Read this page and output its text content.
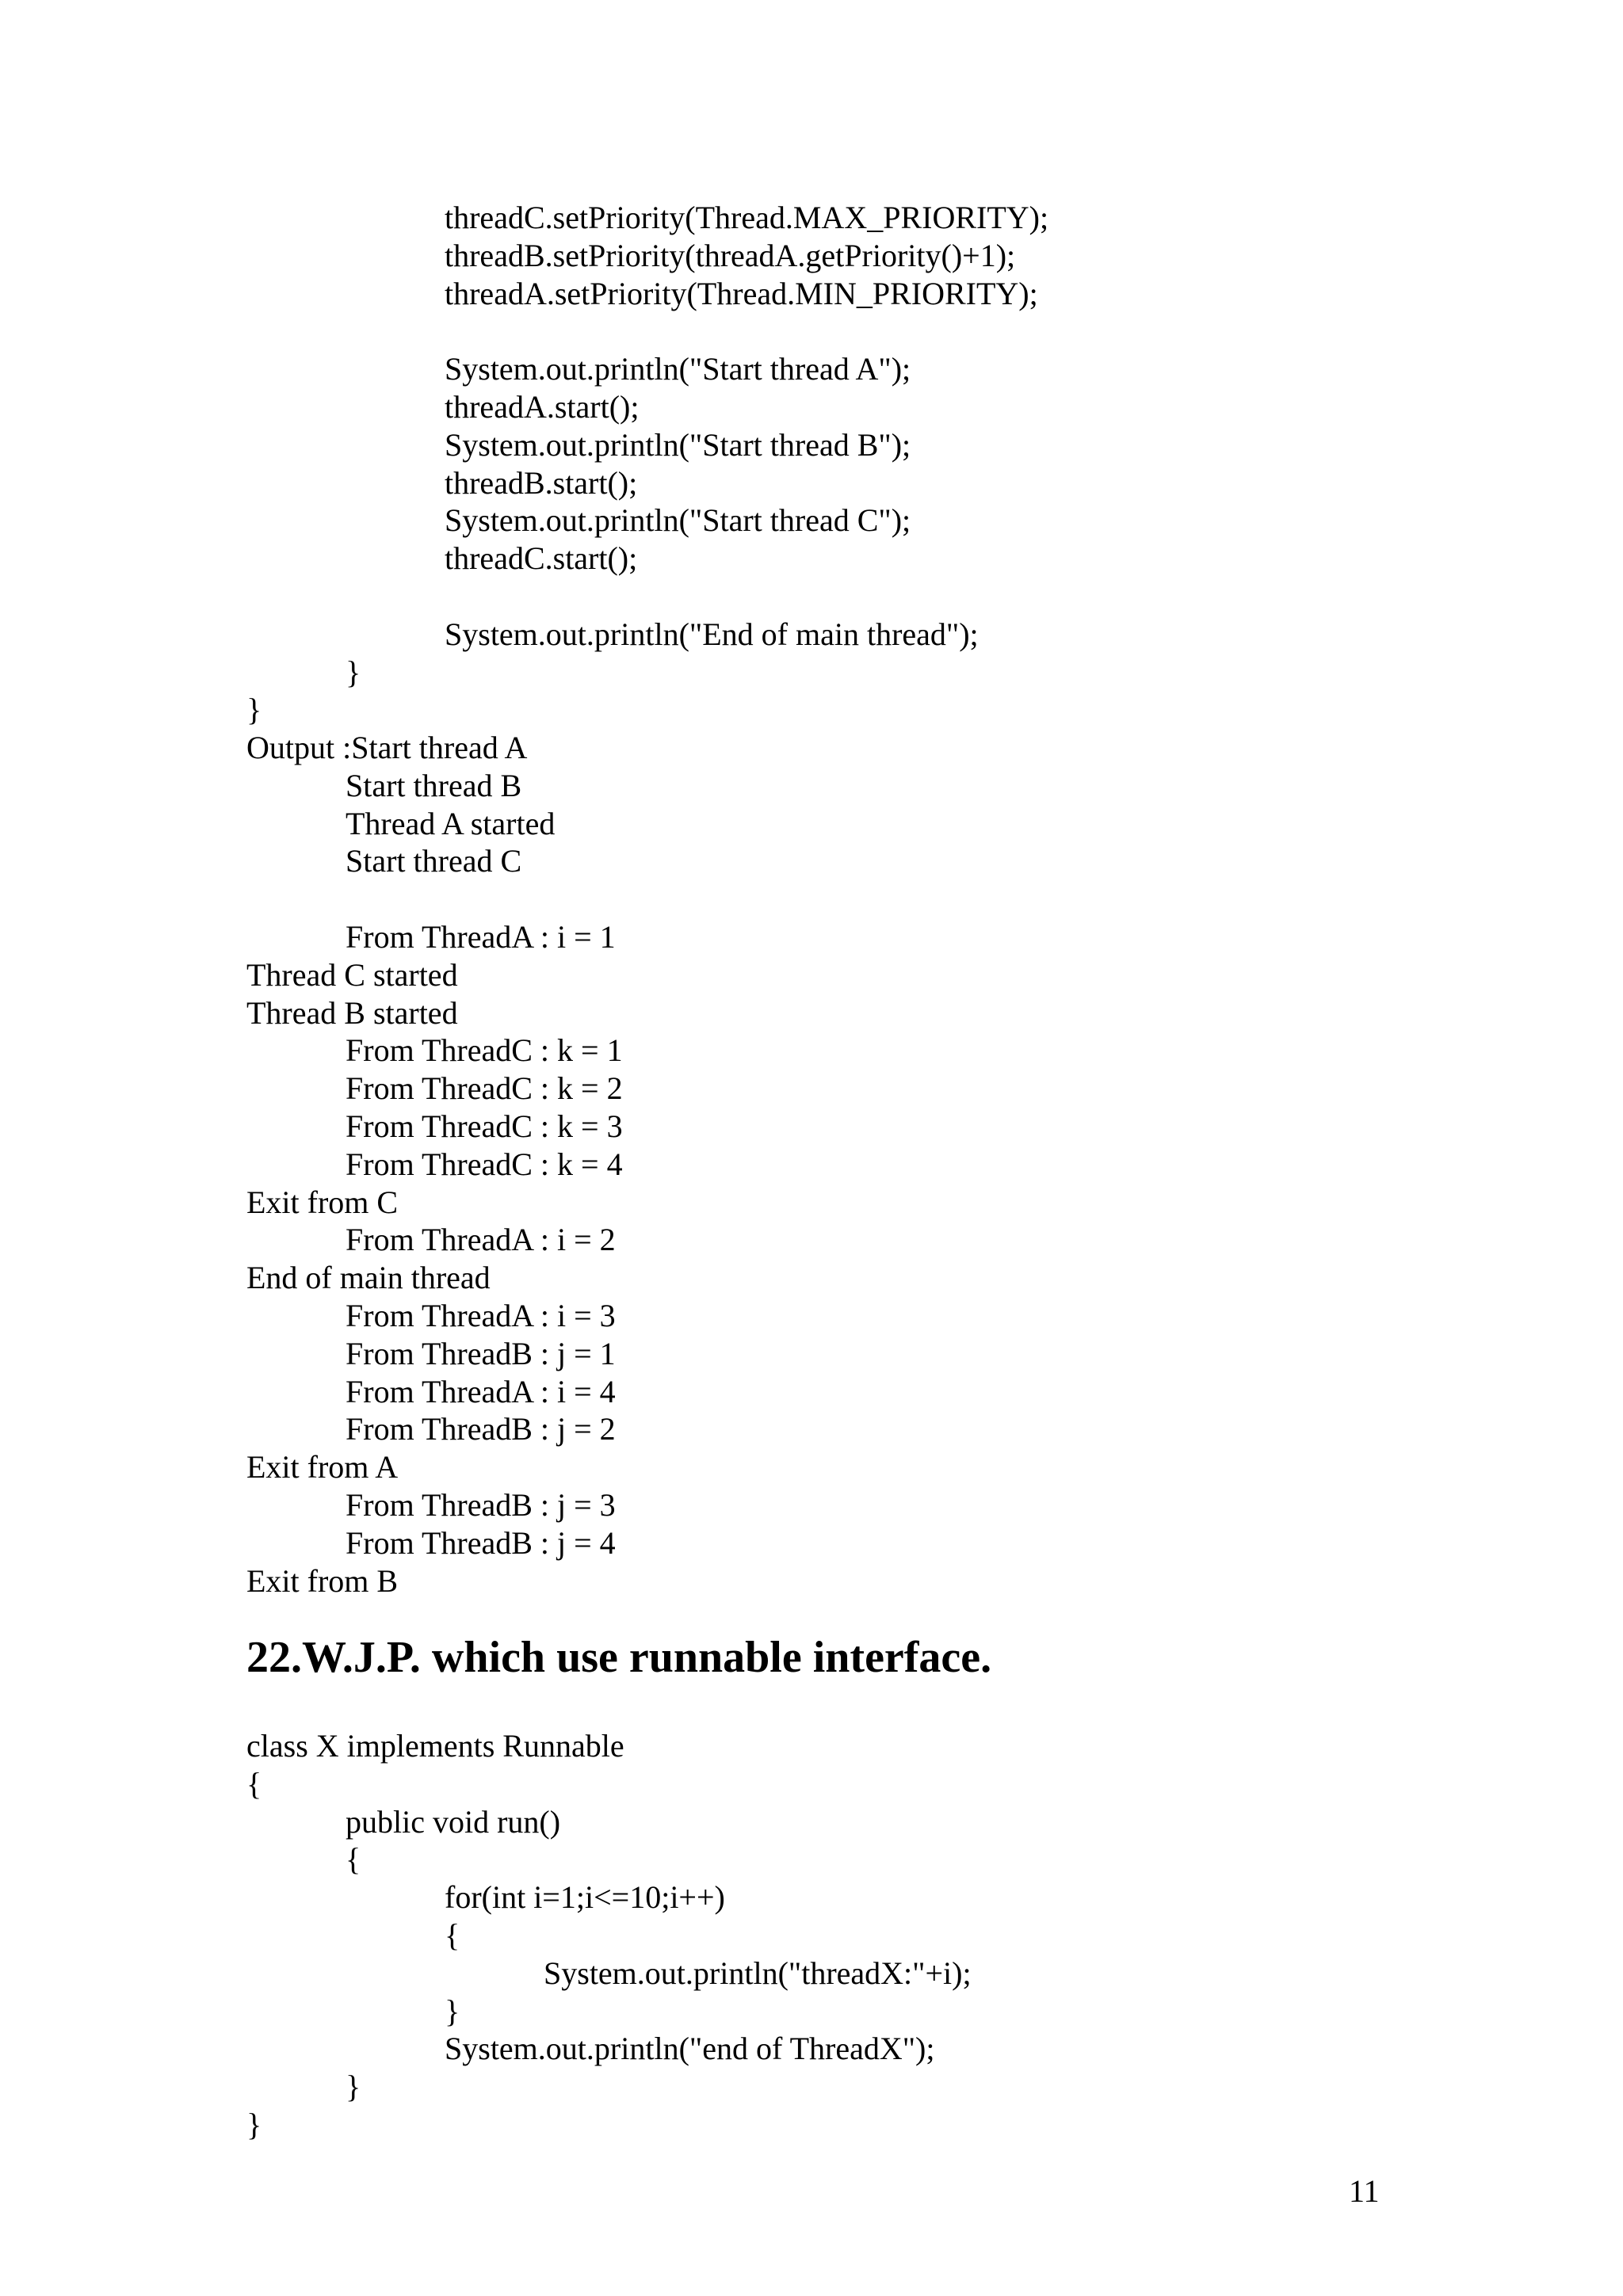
threadC.setPriority(Thread.MAX_PRIORITY);
threadB.setPriority(threadA.getPriority()+1);
threadA.setPriority(Thread.MIN_PRIORITY);
System.out.println("Start thread A");
threadA.start();
System.out.println("Start thread B");
threadB.start();
System.out.println("Start thread C");
threadC.start();
System.out.println("End of main thread");
}
}
Output :Start thread A
Start thread B
Thread A started
Start thread C
From ThreadA : i = 1
Thread C started
Thread B started
From ThreadC : k = 1
From ThreadC : k = 2
From ThreadC : k = 3
From ThreadC : k = 4
Exit from C
From ThreadA : i = 2
End of main thread
From ThreadA : i = 3
From ThreadB : j = 1
From ThreadA : i = 4
From ThreadB : j = 2
Exit from A
From ThreadB : j = 3
From ThreadB : j = 4
Exit from B
22.W.J.P. which use runnable interface.
class X implements Runnable
{
public void run()
{
for(int i=1;i<=10;i++)
{
System.out.println("threadX:"+i);
}
System.out.println("end of ThreadX");
}
}
11
